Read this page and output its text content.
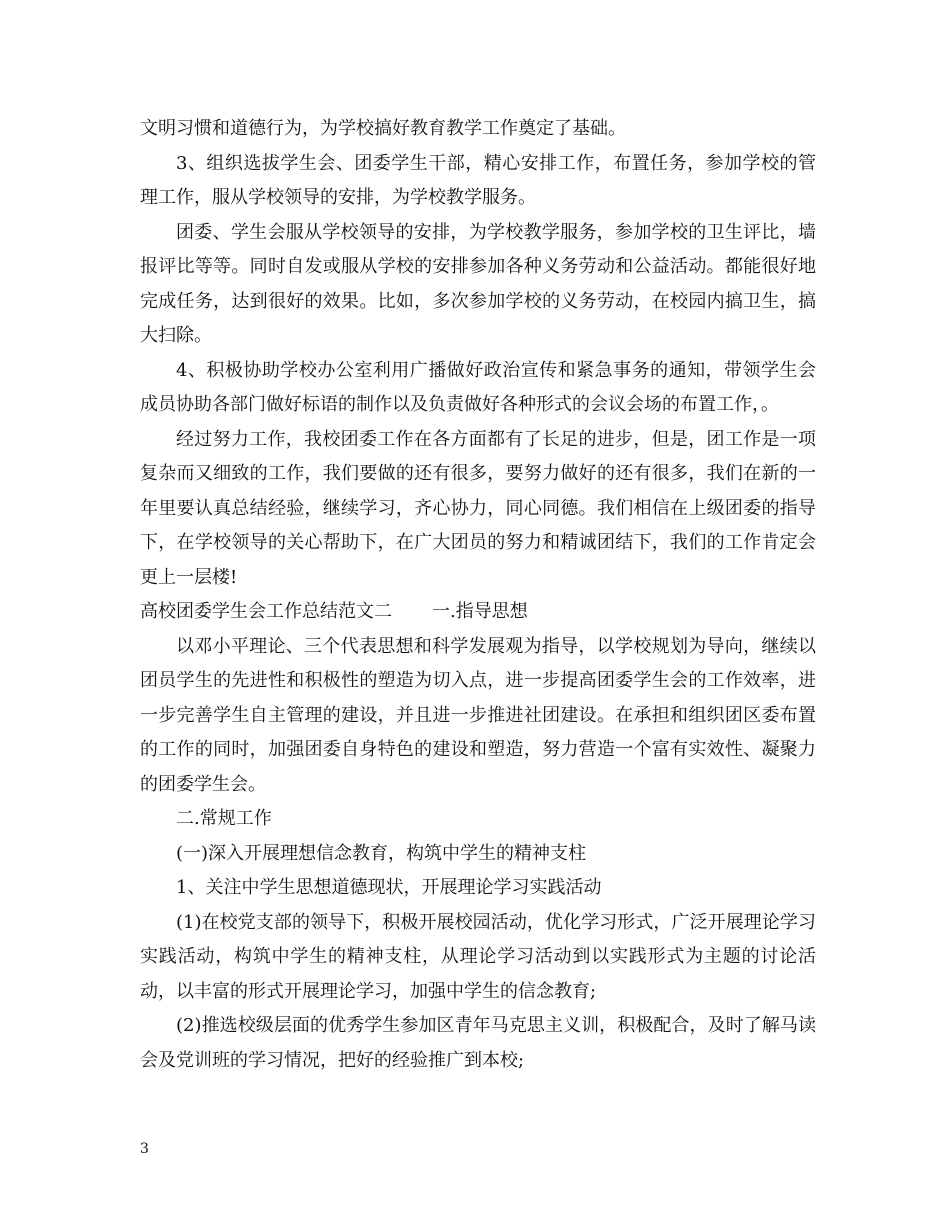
文明习惯和道德行为，为学校搞好教育教学工作奠定了基础。

3、组织选拔学生会、团委学生干部，精心安排工作，布置任务，参加学校的管理工作，服从学校领导的安排，为学校教学服务。

团委、学生会服从学校领导的安排，为学校教学服务，参加学校的卫生评比，墙报评比等等。同时自发或服从学校的安排参加各种义务劳动和公益活动。都能很好地完成任务，达到很好的效果。比如，多次参加学校的义务劳动，在校园内搞卫生，搞大扫除。

4、积极协助学校办公室利用广播做好政治宣传和紧急事务的通知，带领学生会成员协助各部门做好标语的制作以及负责做好各种形式的会议会场的布置工作，。

经过努力工作，我校团委工作在各方面都有了长足的进步，但是，团工作是一项复杂而又细致的工作，我们要做的还有很多，要努力做好的还有很多，我们在新的一年里要认真总结经验，继续学习，齐心协力，同心同德。我们相信在上级团委的指导下，在学校领导的关心帮助下，在广大团员的努力和精诚团结下，我们的工作肯定会更上一层楼!

高校团委学生会工作总结范文二 一.指导思想

以邓小平理论、三个代表思想和科学发展观为指导，以学校规划为导向，继续以团员学生的先进性和积极性的塑造为切入点，进一步提高团委学生会的工作效率，进一步完善学生自主管理的建设，并且进一步推进社团建设。在承担和组织团区委布置的工作的同时，加强团委自身特色的建设和塑造，努力营造一个富有实效性、凝聚力的团委学生会。

二.常规工作

(一)深入开展理想信念教育，构筑中学生的精神支柱

1、关注中学生思想道德现状，开展理论学习实践活动

(1)在校党支部的领导下，积极开展校园活动，优化学习形式，广泛开展理论学习实践活动，构筑中学生的精神支柱，从理论学习活动到以实践形式为主题的讨论活动，以丰富的形式开展理论学习，加强中学生的信念教育;

(2)推选校级层面的优秀学生参加区青年马克思主义训，积极配合，及时了解马读会及党训班的学习情况，把好的经验推广到本校;

3
